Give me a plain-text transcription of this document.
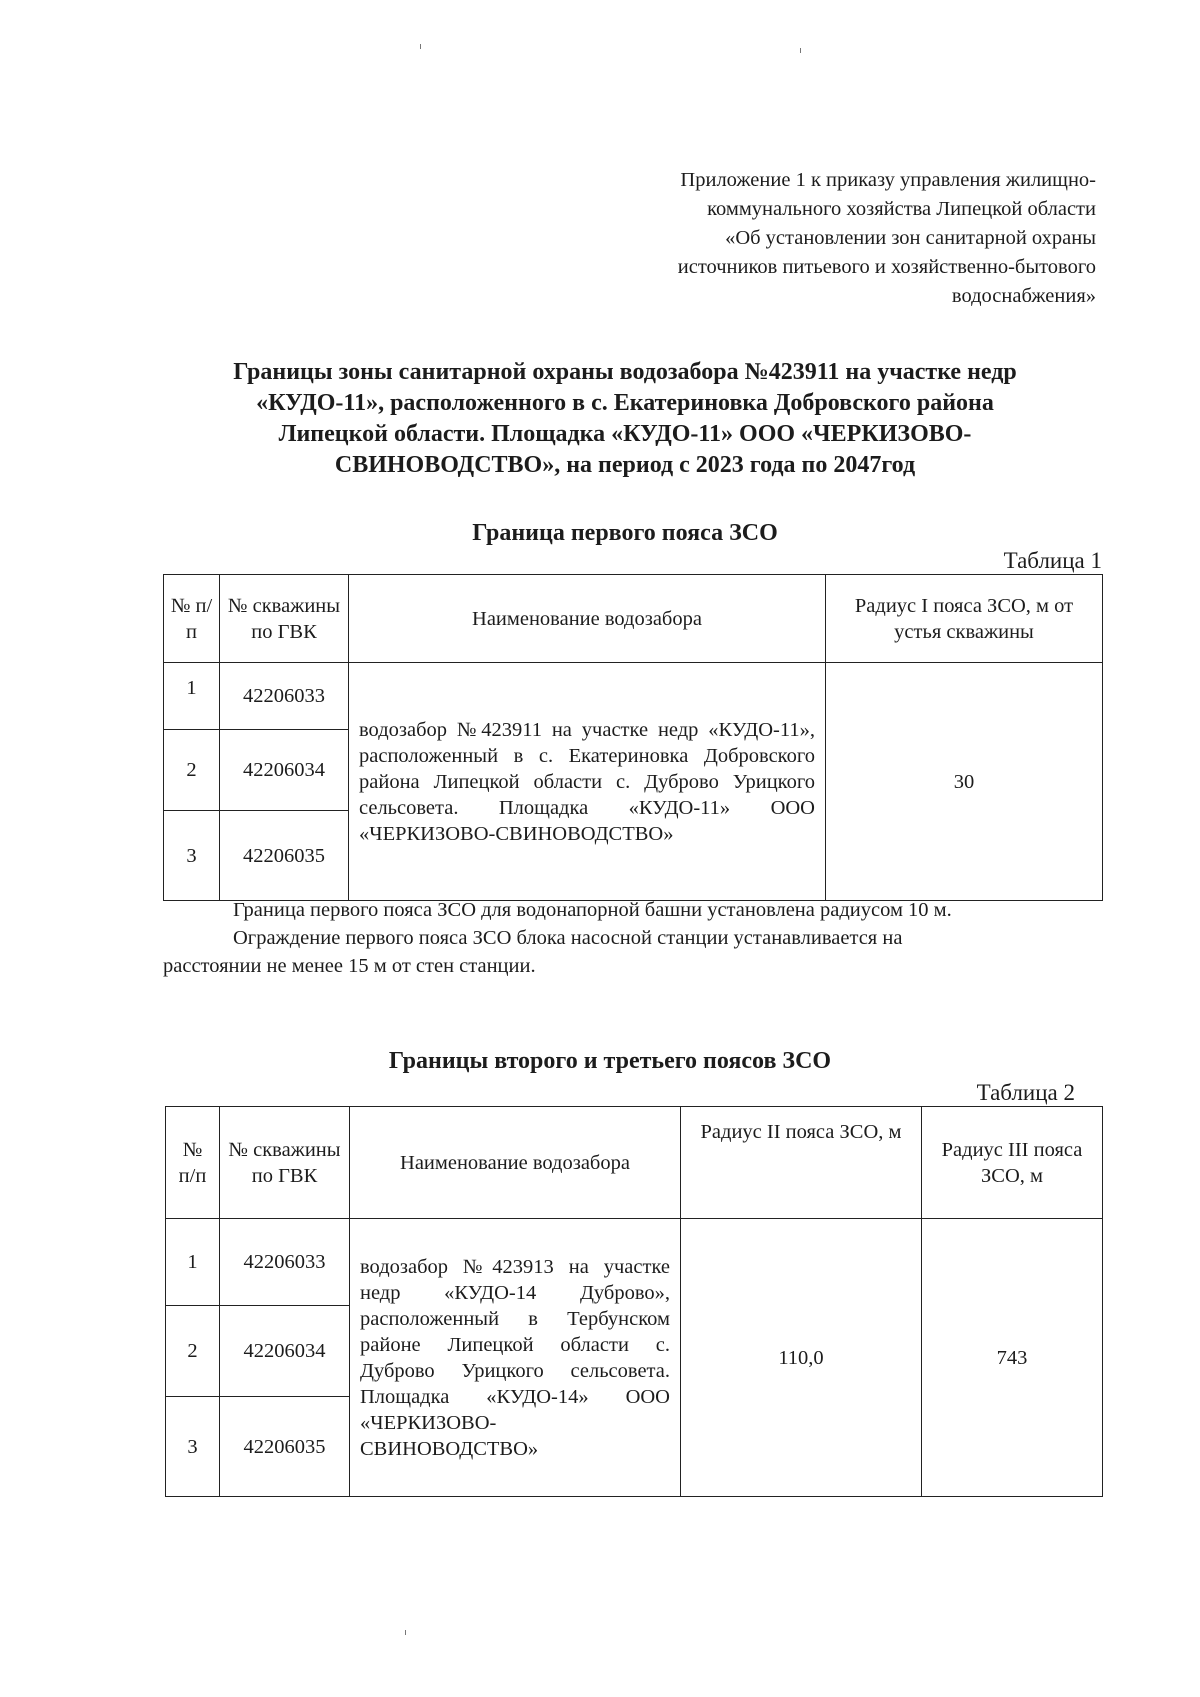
Приложение 1 к приказу управления жилищно-
коммунального хозяйства Липецкой области
«Об установлении зон санитарной охраны
источников питьевого и хозяйственно-бытового
водоснабжения»
Границы зоны санитарной охраны водозабора №423911 на участке недр
«КУДО-11», расположенного в с. Екатериновка Добровского района
Липецкой области. Площадка «КУДО-11» ООО «ЧЕРКИЗОВО-
СВИНОВОДСТВО», на период с 2023 года по 2047год
Граница первого пояса ЗСО
Таблица 1
№ п/ п	№ скважины по ГВК	Наименование водозабора	Радиус I пояса ЗСО, м от устья скважины
1	42206033	водозабор №423911 на участке недр «КУДО-11», расположенный в с. Екатериновка Добровского района Липецкой области с. Дуброво Урицкого сельсовета. Площадка «КУДО-11» ООО «ЧЕРКИЗОВО-СВИНОВОДСТВО»	30
2	42206034		
3	42206035		
Граница первого пояса ЗСО для водонапорной башни установлена радиусом 10 м.
Ограждение первого пояса ЗСО блока насосной станции устанавливается на
расстоянии не менее 15 м от стен станции.
Границы второго и третьего поясов ЗСО
Таблица 2
№ п/п	№ скважины по ГВК	Наименование водозабора	Радиус II пояса ЗСО, м	Радиус III пояса ЗСО, м
1	42206033	водозабор №423913 на участке недр «КУДО-14 Дуброво», расположенный в Тербунском районе Липецкой области с. Дуброво Урицкого сельсовета. Площадка «КУДО-14» ООО «ЧЕРКИЗОВО-СВИНОВОДСТВО»	110,0	743
2	42206034			
3	42206035			
